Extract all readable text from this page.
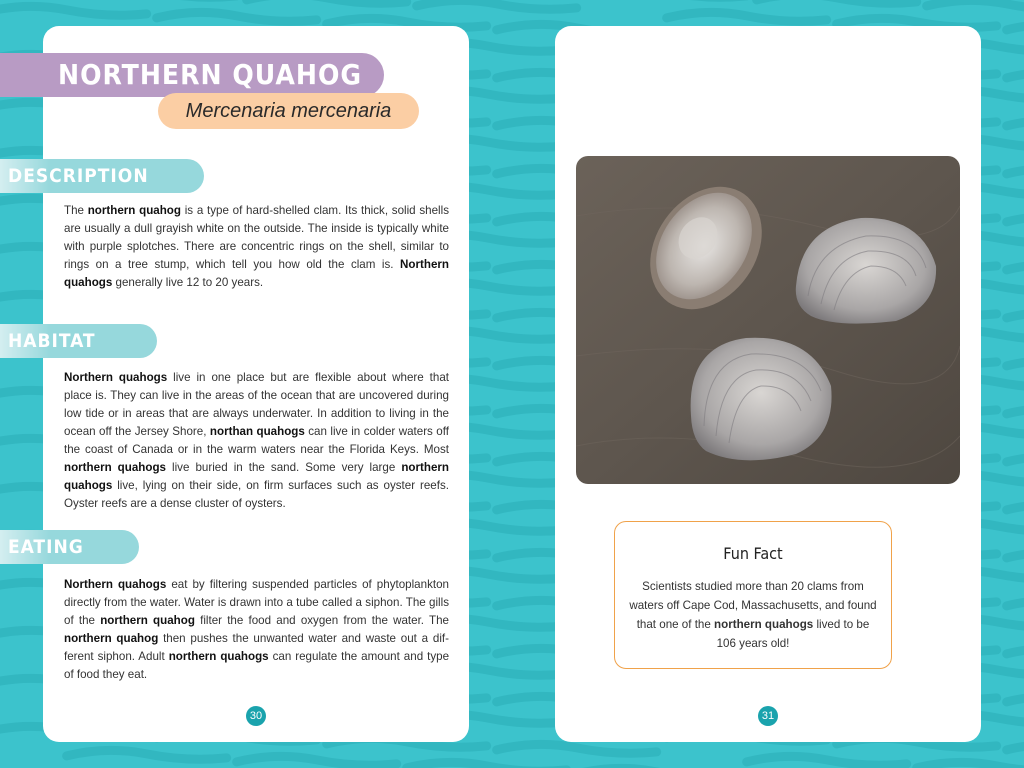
NORTHERN QUAHOG
Mercenaria mercenaria
DESCRIPTION

The northern quahog is a type of hard-shelled clam. Its thick, solid shells are usually a dull grayish white on the outside. The inside is typically white with purple splotches. There are concentric rings on the shell, similar to rings on a tree stump, which tell you how old the clam is. Northern quahogs generally live 12 to 20 years.

HABITAT

Northern quahogs live in one place but are flexible about where that place is. They can live in the areas of the ocean that are uncovered during low tide or in areas that are always underwater. In addition to living in the ocean off the Jersey Shore, northan quahogs can live in colder waters off the coast of Canada or in the warm waters near the Florida Keys. Most northern quahogs live buried in the sand. Some very large northern quahogs live, lying on their side, on firm surfaces such as oyster reefs. Oyster reefs are a dense cluster of oysters.

EATING

Northern quahogs eat by filtering suspended particles of phytoplankton directly from the water. Water is drawn into a tube called a siphon. The gills of the northern quahog filter the food and oxygen from the water. The northern quahog then pushes the unwanted water and waste out a different siphon. Adult northern quahogs can regulate the amount and type of food they eat.

30
Fun Fact

Scientists studied more than 20 clams from waters off Cape Cod, Massachusetts, and found that one of the northern quahogs lived to be 106 years old!

31
